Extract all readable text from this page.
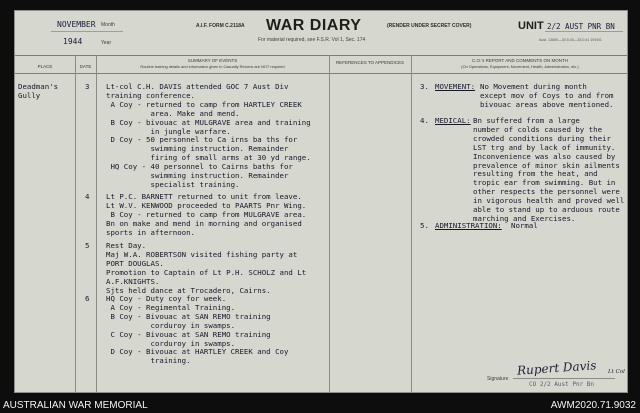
NOVEMBER Month
1944	Year
A.I.F. FORM C.2118A WAR DIARY	(RENDER UNDER SECRET COVER)
For material required, see F.S.R. Vol 1, Sec. 174
UNIT 2/2 AUST PNR BN
Aust. 13800—30.5.43—35,0.41 1919/2.
PLACE	DATE
SUMMARY OF EVENTS
Routine training details and information given in Casualty Returns are NOT required
REFERENCES TO APPENDICES	C.O.'s REPORT AND COMMENTS ON MONTH
(On Operations, Equipment, Movement, Health, Administration, etc.)
Deadman's
Gully
3 Lt-col C.H. DAVIS attended GOC 7 Aust Div
training conference.
A Coy - returned to camp from HARTLEY CREEK
area. Make and mend.
B Coy - bivouac at MULGRAVE area and training
in jungle warfare.
D Coy - 50 personnel to Ca irns ba ths for
swimming instruction. Remainder
firing of small arms at 30 yd range.
HQ Coy - 40 personnel to Cairns baths for
swimming instruction. Remainder
specialist training.
4 Lt P.C. BARNETT returned to unit from leave.
Lt W.V. KENWOOD proceeded to PAARTS Pnr Wing.
B Coy - returned to camp from MULGRAVE area.
Bn on make and mend in morning and organised
sports in afternoon.
5 Rest Day.
Maj W.A. ROBERTSON visited fishing party at
PORT DOUGLAS.
Promotion to Captain of Lt P.H. SCHOLZ and Lt
A.F.KNIGHTS.
Sjts held dance at Trocadero, Cairns.
6 HQ Coy - Duty coy for week.
A Coy - Regimental Training.
B Coy - Bivouac at SAN REMO training
corduroy in swamps.
C Coy - Bivouac at SAN REMO training
corduroy in swamps.
D Coy - Bivouac at HARTLEY CREEK and Coy
training.
3. MOVEMENT: No Movement during month
except mov of Coys to and from
bivouac areas above mentioned.
4. MEDICAL: Bn suffered from a large
number of colds caused by the
crowded conditions during their
LST trg and by lack of immunity.
Inconvenience was also caused by
prevalence of minor skin ailments
resulting from the heat, and
tropic ear from swimming. But in
other respects the personnel were
in vigorous health and proved well
able to stand up to arduous route
marching and Exercises.
5. ADMINISTRATION: Normal
Signature
Rupert Davis Lt Col
CO 2/2 Aust Pnr Bn
AUSTRALIAN WAR MEMORIAL	AWM2020.71.9032
